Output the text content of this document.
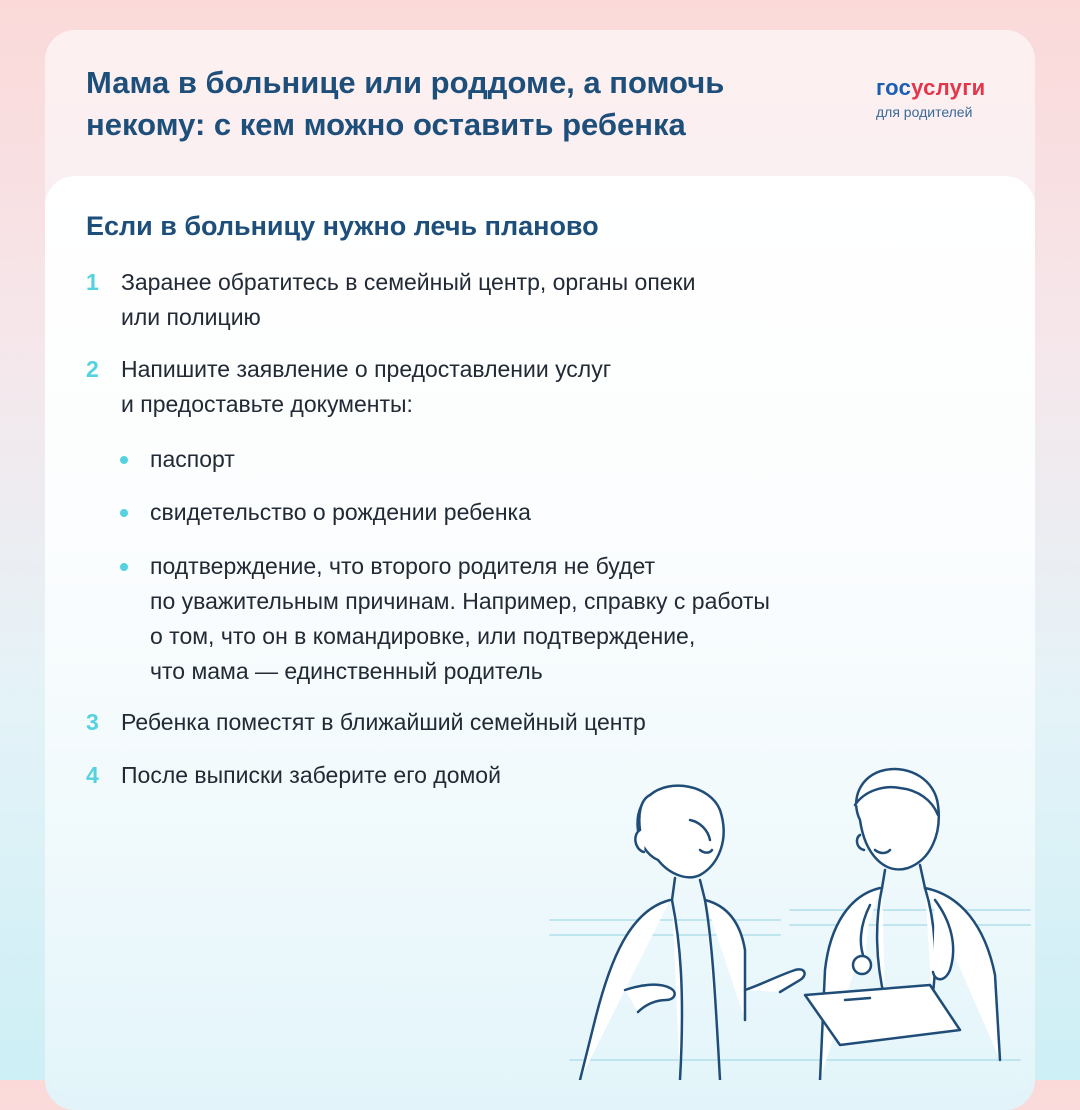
Мама в больнице или роддоме, а помочь
некому: с кем можно оставить ребенка
госуслуги
для родителей
Если в больницу нужно лечь планово
1 Заранее обратитесь в семейный центр, органы опеки
или полицию
2 Напишите заявление о предоставлении услуг
и предоставьте документы:
паспорт
свидетельство о рождении ребенка
подтверждение, что второго родителя не будет
по уважительным причинам. Например, справку с работы
о том, что он в командировке, или подтверждение,
что мама — единственный родитель
3 Ребенка поместят в ближайший семейный центр
4 После выписки заберите его домой
